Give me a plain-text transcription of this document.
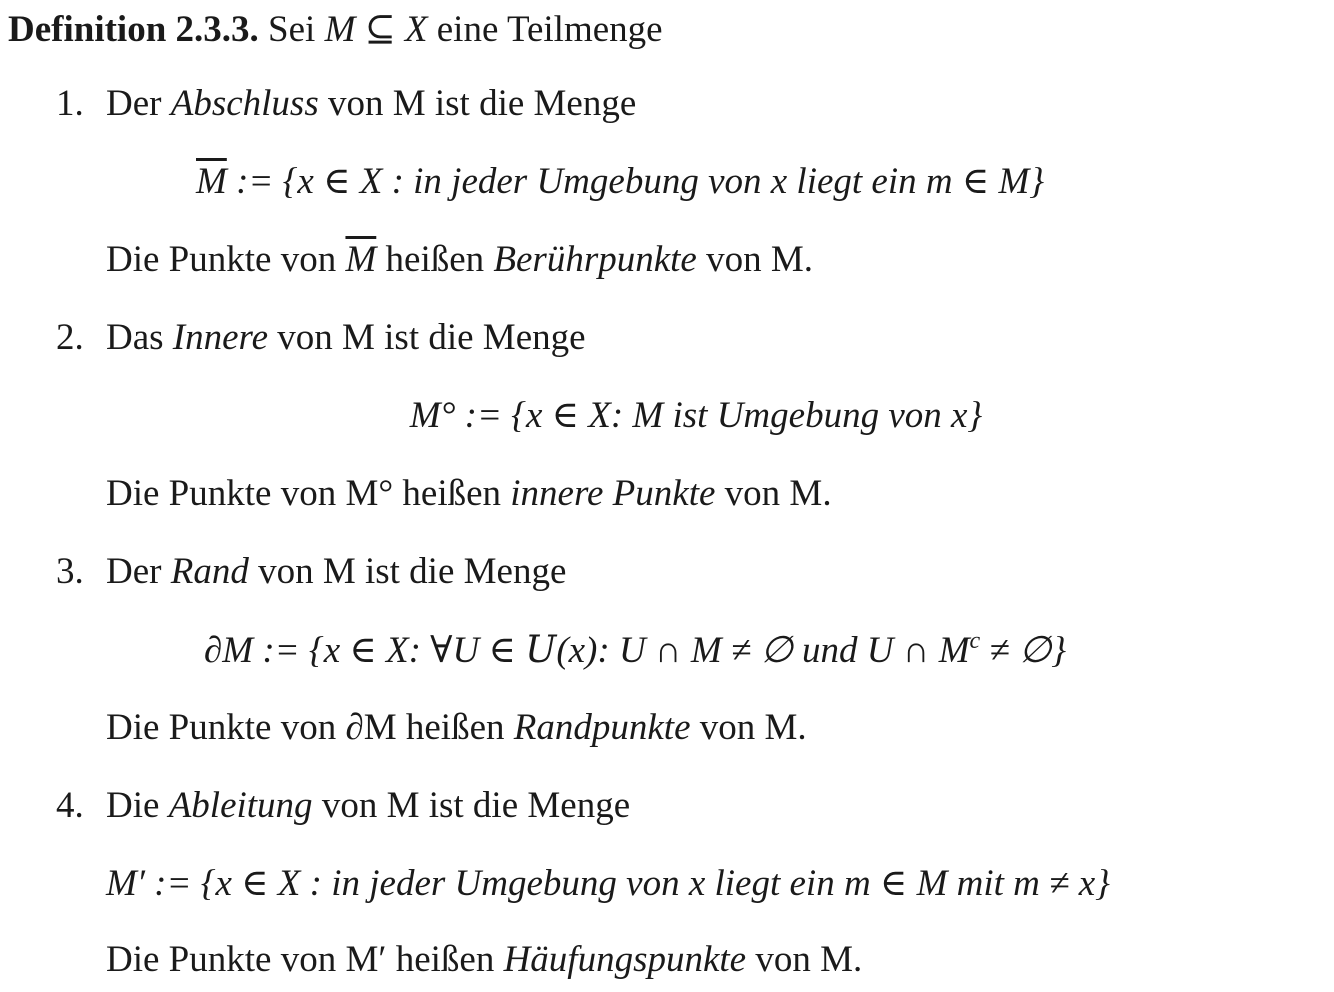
Definition 2.3.3. Sei M ⊆ X eine Teilmenge
1. Der Abschluss von M ist die Menge
$\overline{M}$ := {x ∈ X : in jeder Umgebung von x liegt ein m ∈ M}
Die Punkte von $\overline{M}$ heißen Berührpunkte von M.
2. Das Innere von M ist die Menge
M° := {x ∈ X: M ist Umgebung von x}
Die Punkte von M° heißen innere Punkte von M.
3. Der Rand von M ist die Menge
∂M := {x ∈ X: ∀U ∈ U(x): U ∩ M ≠ ∅ und U ∩ $M^c$ ≠ ∅}
Die Punkte von ∂M heißen Randpunkte von M.
4. Die Ableitung von M ist die Menge
M′ := {x ∈ X : in jeder Umgebung von x liegt ein m ∈ M mit m ≠ x}
Die Punkte von M′ heißen Häufungspunkte von M.
